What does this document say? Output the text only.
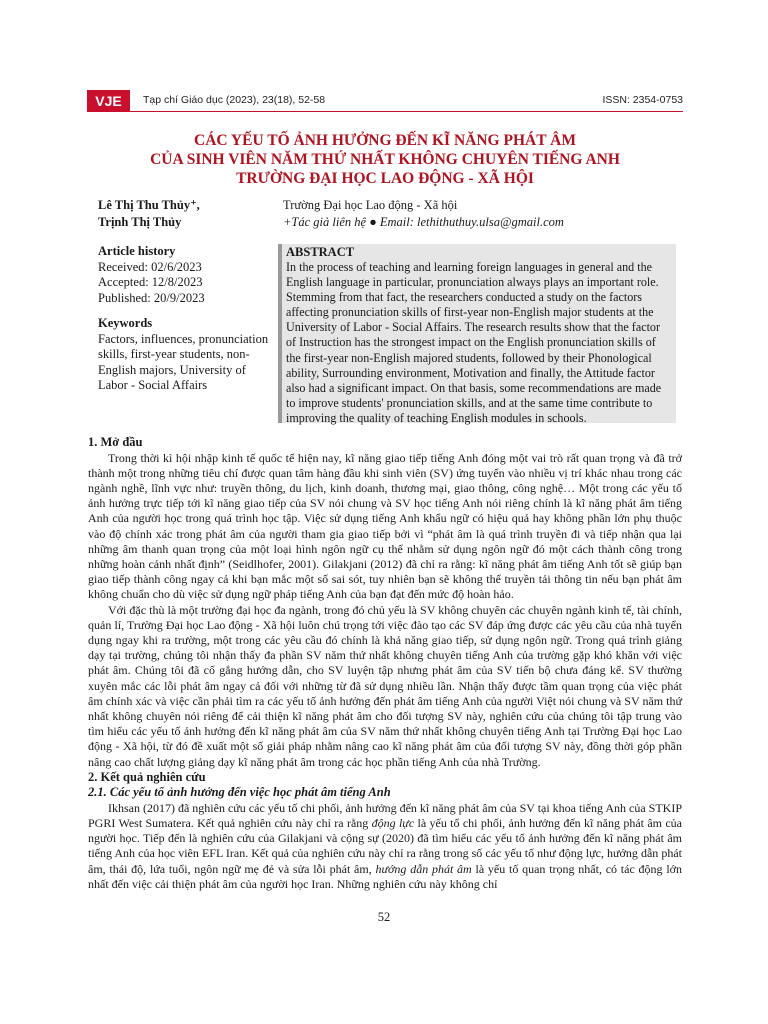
VJE	Tạp chí Giáo dục (2023), 23(18), 52-58	ISSN: 2354-0753
CÁC YẾU TỐ ẢNH HƯỞNG ĐẾN KĨ NĂNG PHÁT ÂM
CỦA SINH VIÊN NĂM THỨ NHẤT KHÔNG CHUYÊN TIẾNG ANH
TRƯỜNG ĐẠI HỌC LAO ĐỘNG - XÃ HỘI
Lê Thị Thu Thủy⁺,
Trịnh Thị Thủy
Trường Đại học Lao động - Xã hội
+Tác giả liên hệ ● Email: lethithuthuy.ulsa@gmail.com
Article history

Received: 02/6/2023

Accepted: 12/8/2023

Published: 20/9/2023

Keywords

Factors, influences, pronunciation skills, first-year students, non-English majors, University of Labor - Social Affairs

ABSTRACT

In the process of teaching and learning foreign languages in general and the English language in particular, pronunciation always plays an important role. Stemming from that fact, the researchers conducted a study on the factors affecting pronunciation skills of first-year non-English major students at the University of Labor - Social Affairs. The research results show that the factor of Instruction has the strongest impact on the English pronunciation skills of the first-year non-English majored students, followed by their Phonological ability, Surrounding environment, Motivation and finally, the Attitude factor also had a significant impact. On that basis, some recommendations are made to improve students' pronunciation skills, and at the same time contribute to improving the quality of teaching English modules in schools.

1. Mở đầu

Trong thời kì hội nhập kinh tế quốc tế hiện nay, kĩ năng giao tiếp tiếng Anh đóng một vai trò rất quan trọng và đã trở thành một trong những tiêu chí được quan tâm hàng đầu khi sinh viên (SV) ứng tuyển vào nhiều vị trí khác nhau trong các ngành nghề, lĩnh vực như: truyền thông, du lịch, kinh doanh, thương mại, giao thông, công nghệ… Một trong các yếu tố ảnh hưởng trực tiếp tới kĩ năng giao tiếp của SV nói chung và SV học tiếng Anh nói riêng chính là kĩ năng phát âm tiếng Anh của người học trong quá trình học tập. Việc sử dụng tiếng Anh khẩu ngữ có hiệu quả hay không phần lớn phụ thuộc vào độ chính xác trong phát âm của người tham gia giao tiếp bởi vì “phát âm là quá trình truyền đi và tiếp nhận qua lại những âm thanh quan trọng của một loại hình ngôn ngữ cụ thể nhằm sử dụng ngôn ngữ đó một cách thành công trong những hoàn cảnh nhất định” (Seidlhofer, 2001). Gilakjani (2012) đã chỉ ra rằng: kĩ năng phát âm tiếng Anh tốt sẽ giúp bạn giao tiếp thành công ngay cả khi bạn mắc một số sai sót, tuy nhiên bạn sẽ không thể truyền tải thông tin nếu bạn phát âm không chuẩn cho dù việc sử dụng ngữ pháp tiếng Anh của bạn đạt đến mức độ hoàn hảo.

Với đặc thù là một trường đại học đa ngành, trong đó chủ yếu là SV không chuyên các chuyên ngành kinh tế, tài chính, quản lí, Trường Đại học Lao động - Xã hội luôn chú trọng tới việc đào tạo các SV đáp ứng được các yêu cầu của nhà tuyển dụng ngay khi ra trường, một trong các yêu cầu đó chính là khả năng giao tiếp, sử dụng ngôn ngữ. Trong quá trình giảng dạy tại trường, chúng tôi nhận thấy đa phần SV năm thứ nhất không chuyên tiếng Anh của trường gặp khó khăn với việc phát âm. Chúng tôi đã cố gắng hướng dẫn, cho SV luyện tập nhưng phát âm của SV tiến bộ chưa đáng kể. SV thường xuyên mắc các lỗi phát âm ngay cả đối với những từ đã sử dụng nhiều lần. Nhận thấy được tầm quan trọng của việc phát âm chính xác và việc cần phải tìm ra các yếu tố ảnh hưởng đến phát âm tiếng Anh của người Việt nói chung và SV năm thứ nhất không chuyên nói riêng để cải thiện kĩ năng phát âm cho đối tượng SV này, nghiên cứu của chúng tôi tập trung vào tìm hiểu các yếu tố ảnh hưởng đến kĩ năng phát âm của SV năm thứ nhất không chuyên tiếng Anh tại Trường Đại học Lao động - Xã hội, từ đó đề xuất một số giải pháp nhằm nâng cao kĩ năng phát âm của đối tượng SV này, đồng thời góp phần nâng cao chất lượng giảng dạy kĩ năng phát âm trong các học phần tiếng Anh của nhà Trường.

2. Kết quả nghiên cứu
2.1. Các yếu tố ảnh hưởng đến việc học phát âm tiếng Anh

Ikhsan (2017) đã nghiên cứu các yếu tố chi phối, ảnh hưởng đến kĩ năng phát âm của SV tại khoa tiếng Anh của STKIP PGRI West Sumatera. Kết quả nghiên cứu này chỉ ra rằng động lực là yếu tố chi phối, ảnh hưởng đến kĩ năng phát âm của người học. Tiếp đến là nghiên cứu của Gilakjani và cộng sự (2020) đã tìm hiểu các yếu tố ảnh hưởng đến kĩ năng phát âm tiếng Anh của học viên EFL Iran. Kết quả của nghiên cứu này chỉ ra rằng trong số các yếu tố như động lực, hướng dẫn phát âm, thái độ, lứa tuổi, ngôn ngữ mẹ đẻ và sửa lỗi phát âm, hướng dẫn phát âm là yếu tố quan trọng nhất, có tác động lớn nhất đến việc cải thiện phát âm của người học Iran. Những nghiên cứu này không chỉ

52
